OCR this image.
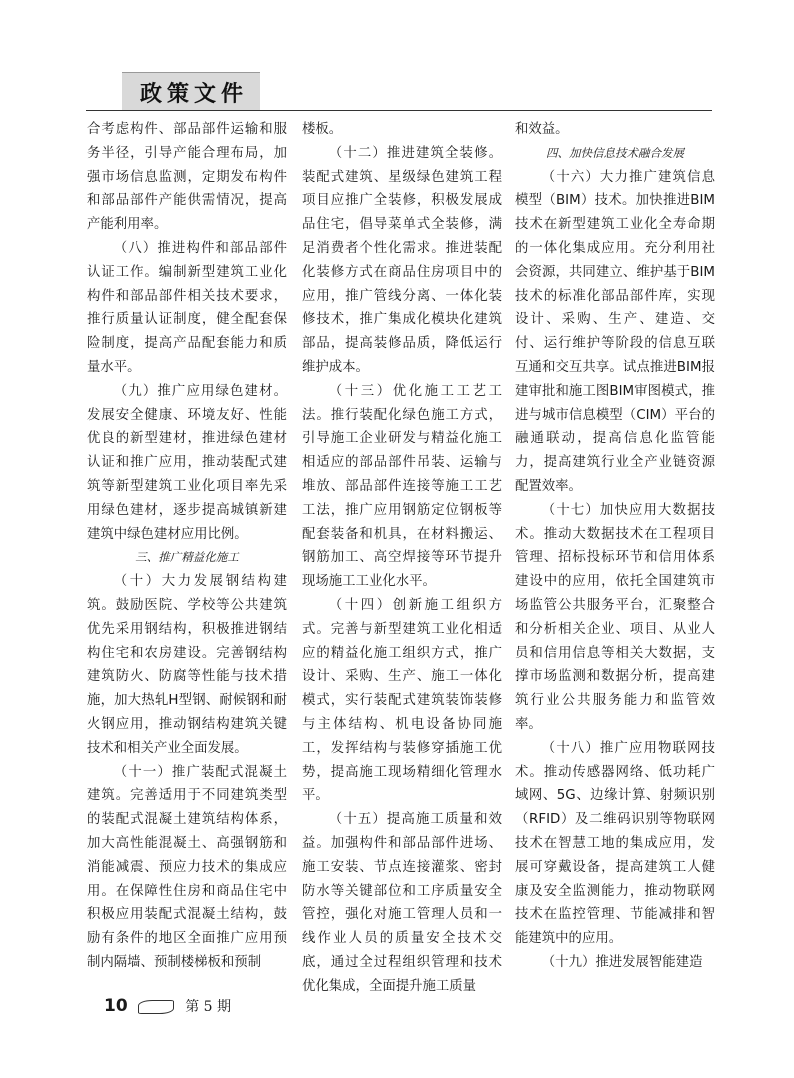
政策文件

合考虑构件、部品部件运输和服务半径，引导产能合理布局，加强市场信息监测，定期发布构件和部品部件产能供需情况，提高产能利用率。

（八）推进构件和部品部件认证工作。编制新型建筑工业化构件和部品部件相关技术要求，推行质量认证制度，健全配套保险制度，提高产品配套能力和质量水平。

（九）推广应用绿色建材。发展安全健康、环境友好、性能优良的新型建材，推进绿色建材认证和推广应用，推动装配式建筑等新型建筑工业化项目率先采用绿色建材，逐步提高城镇新建建筑中绿色建材应用比例。

三、推广精益化施工

（十）大力发展钢结构建筑。鼓励医院、学校等公共建筑优先采用钢结构，积极推进钢结构住宅和农房建设。完善钢结构建筑防火、防腐等性能与技术措施，加大热轧H型钢、耐候钢和耐火钢应用，推动钢结构建筑关键技术和相关产业全面发展。

（十一）推广装配式混凝土建筑。完善适用于不同建筑类型的装配式混凝土建筑结构体系，加大高性能混凝土、高强钢筋和消能减震、预应力技术的集成应用。在保障性住房和商品住宅中积极应用装配式混凝土结构，鼓励有条件的地区全面推广应用预制内隔墙、预制楼梯板和预制

楼板。

（十二）推进建筑全装修。装配式建筑、星级绿色建筑工程项目应推广全装修，积极发展成品住宅，倡导菜单式全装修，满足消费者个性化需求。推进装配化装修方式在商品住房项目中的应用，推广管线分离、一体化装修技术，推广集成化模块化建筑部品，提高装修品质，降低运行维护成本。

（十三）优化施工工艺工法。推行装配化绿色施工方式，引导施工企业研发与精益化施工相适应的部品部件吊装、运输与堆放、部品部件连接等施工工艺工法，推广应用钢筋定位钢板等配套装备和机具，在材料搬运、钢筋加工、高空焊接等环节提升现场施工工业化水平。

（十四）创新施工组织方式。完善与新型建筑工业化相适应的精益化施工组织方式，推广设计、采购、生产、施工一体化模式，实行装配式建筑装饰装修与主体结构、机电设备协同施工，发挥结构与装修穿插施工优势，提高施工现场精细化管理水平。

（十五）提高施工质量和效益。加强构件和部品部件进场、施工安装、节点连接灌浆、密封防水等关键部位和工序质量安全管控，强化对施工管理人员和一线作业人员的质量安全技术交底，通过全过程组织管理和技术优化集成，全面提升施工质量

和效益。

四、加快信息技术融合发展

（十六）大力推广建筑信息模型（BIM）技术。加快推进BIM技术在新型建筑工业化全寿命期的一体化集成应用。充分利用社会资源，共同建立、维护基于BIM技术的标准化部品部件库，实现设计、采购、生产、建造、交付、运行维护等阶段的信息互联互通和交互共享。试点推进BIM报建审批和施工图BIM审图模式，推进与城市信息模型（CIM）平台的融通联动，提高信息化监管能力，提高建筑行业全产业链资源配置效率。

（十七）加快应用大数据技术。推动大数据技术在工程项目管理、招标投标环节和信用体系建设中的应用，依托全国建筑市场监管公共服务平台，汇聚整合和分析相关企业、项目、从业人员和信用信息等相关大数据，支撑市场监测和数据分析，提高建筑行业公共服务能力和监管效率。

（十八）推广应用物联网技术。推动传感器网络、低功耗广域网、5G、边缘计算、射频识别（RFID）及二维码识别等物联网技术在智慧工地的集成应用，发展可穿戴设备，提高建筑工人健康及安全监测能力，推动物联网技术在监控管理、节能减排和智能建筑中的应用。

（十九）推进发展智能建造

10	第 5 期
